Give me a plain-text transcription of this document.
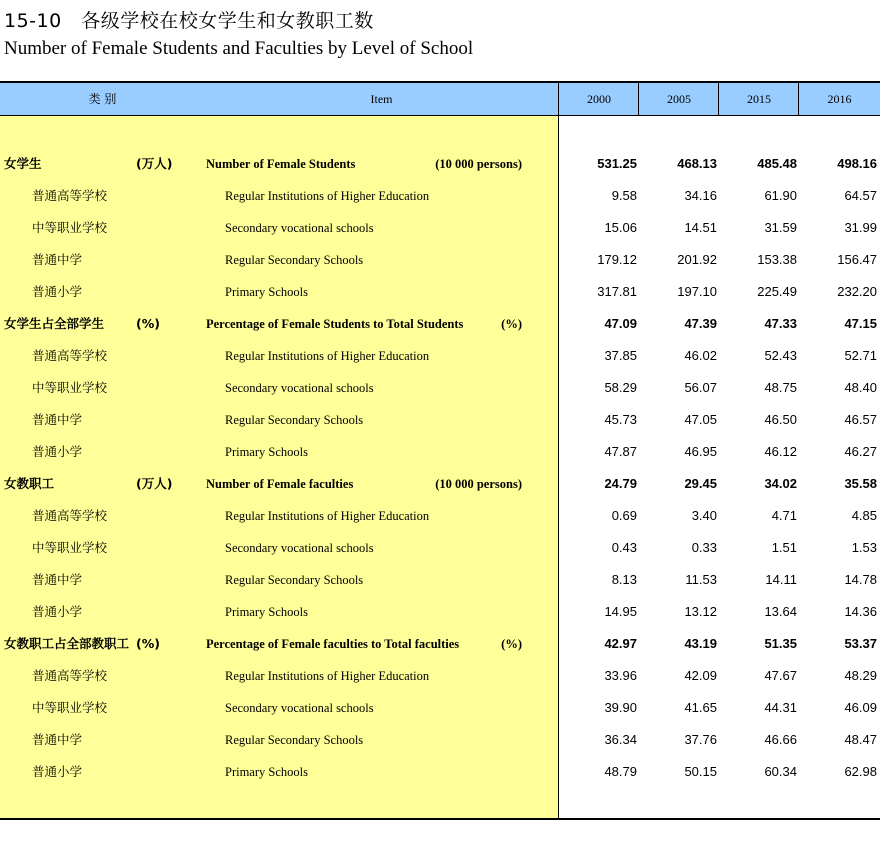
15-10　各级学校在校女学生和女教职工数
Number of Female Students and Faculties by Level of School
类 别	Item	2000	2005	2015	2016
女学生	(万人)	Number of Female Students	(10 000 persons)	531.25	468.13	485.48	498.16
普通高等学校	Regular Institutions of Higher Education	9.58	34.16	61.90	64.57
中等职业学校	Secondary vocational schools	15.06	14.51	31.59	31.99
普通中学	Regular Secondary Schools	179.12	201.92	153.38	156.47
普通小学	Primary Schools	317.81	197.10	225.49	232.20
女学生占全部学生	(%)	Percentage of Female Students to Total Students	(%)	47.09	47.39	47.33	47.15
普通高等学校	Regular Institutions of Higher Education	37.85	46.02	52.43	52.71
中等职业学校	Secondary vocational schools	58.29	56.07	48.75	48.40
普通中学	Regular Secondary Schools	45.73	47.05	46.50	46.57
普通小学	Primary Schools	47.87	46.95	46.12	46.27
女教职工	(万人)	Number of Female faculties	(10 000 persons)	24.79	29.45	34.02	35.58
普通高等学校	Regular Institutions of Higher Education	0.69	3.40	4.71	4.85
中等职业学校	Secondary vocational schools	0.43	0.33	1.51	1.53
普通中学	Regular Secondary Schools	8.13	11.53	14.11	14.78
普通小学	Primary Schools	14.95	13.12	13.64	14.36
女教职工占全部教职工 (%)	Percentage of Female faculties to Total faculties	(%)	42.97	43.19	51.35	53.37
普通高等学校	Regular Institutions of Higher Education	33.96	42.09	47.67	48.29
中等职业学校	Secondary vocational schools	39.90	41.65	44.31	46.09
普通中学	Regular Secondary Schools	36.34	37.76	46.66	48.47
普通小学	Primary Schools	48.79	50.15	60.34	62.98
